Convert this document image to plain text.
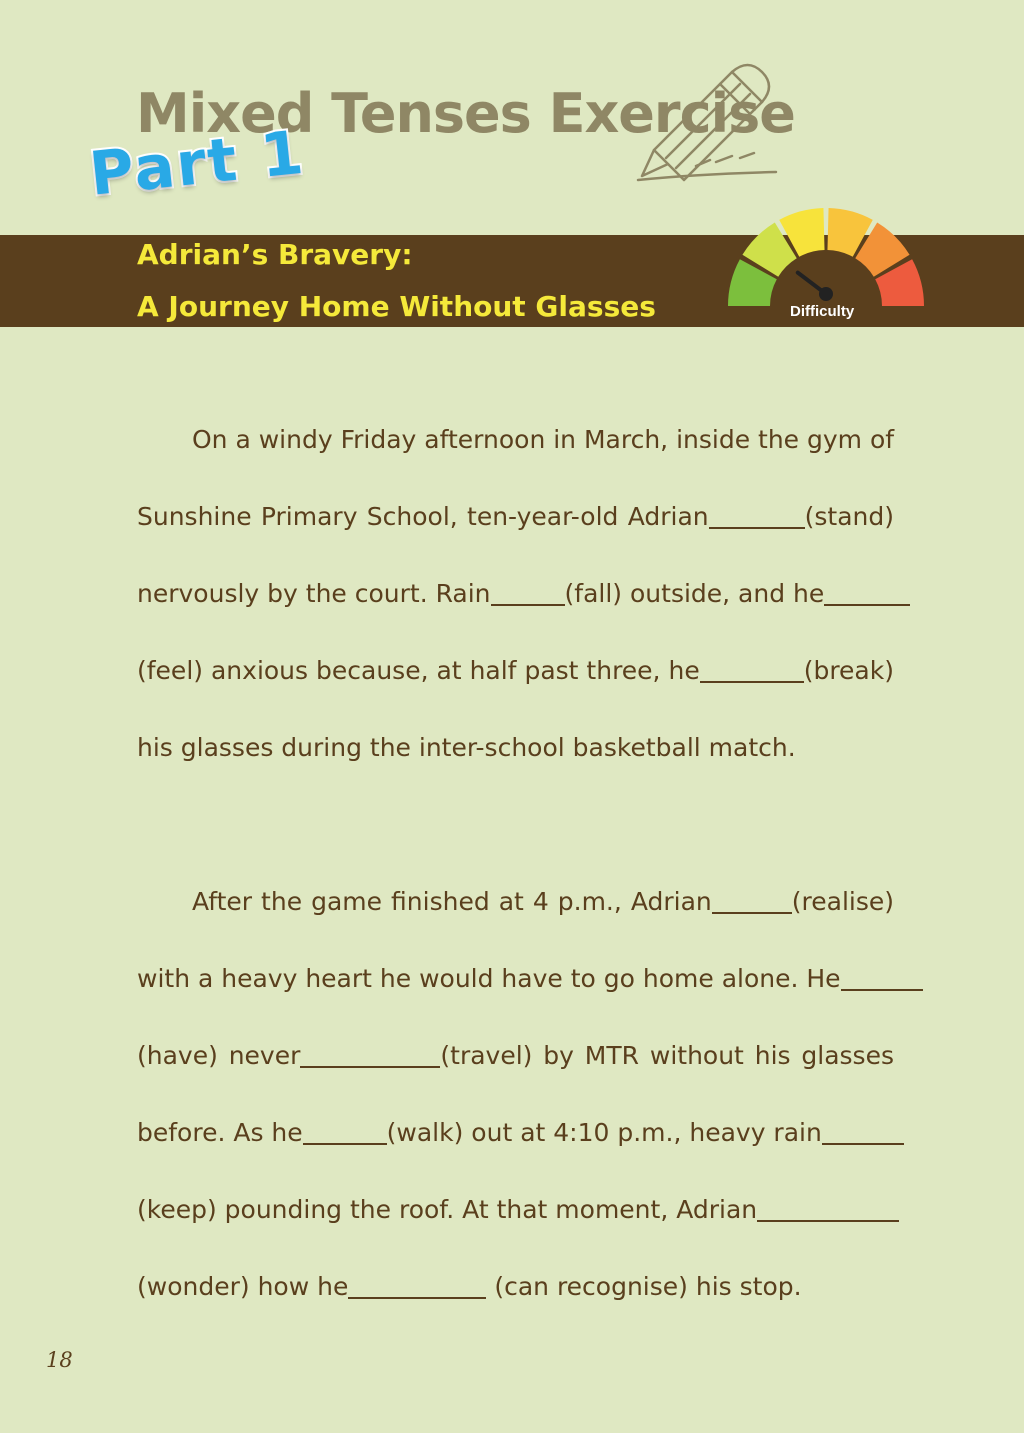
Mixed Tenses Exercise
Part 1
Adrian’s Bravery:
A Journey Home Without Glasses	Difficulty
On a windy Friday afternoon in March, inside the gym of
Sunshine Primary School, ten-year-old Adrian	(stand)
nervously by the court. Rain	(fall) outside, and he
(feel) anxious because, at half past three, he	(break)
his glasses during the inter-school basketball match.
After the game finished at 4 p.m., Adrian	(realise)
with a heavy heart he would have to go home alone. He
(have) never	(travel) by MTR without his glasses
before. As he	(walk) out at 4:10 p.m., heavy rain
(keep) pounding the roof. At that moment, Adrian
(wonder) how he	(can recognise) his stop.
18
